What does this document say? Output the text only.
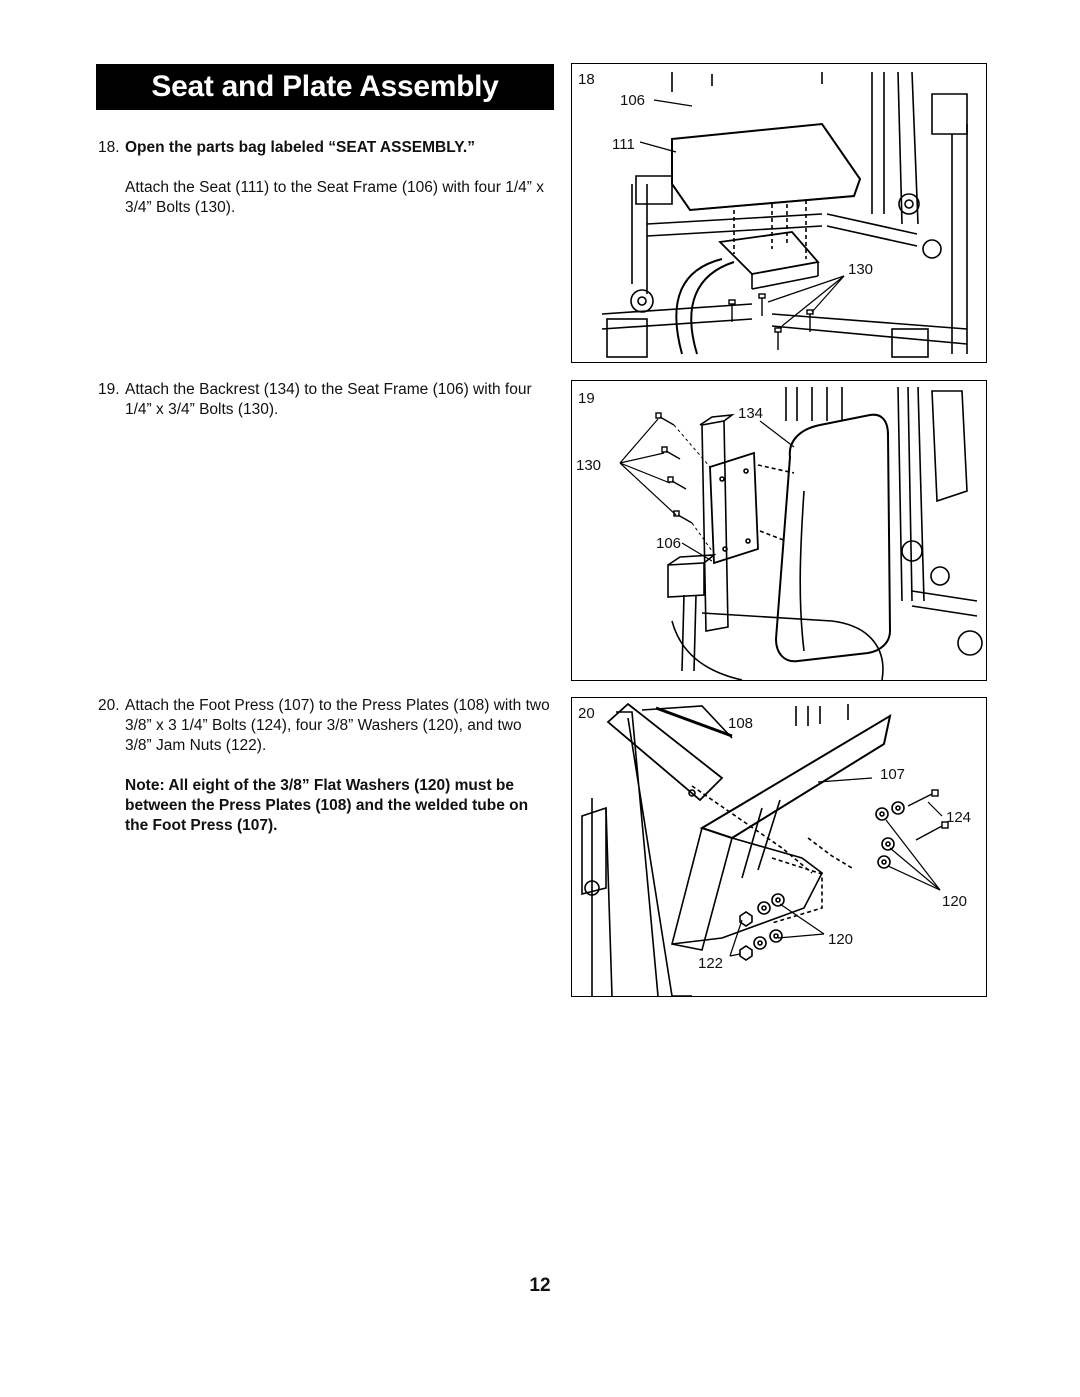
Seat and Plate Assembly
18. Open the parts bag labeled “SEAT ASSEMBLY.”

Attach the Seat (111) to the Seat Frame (106) with four 1/4” x 3/4” Bolts (130).

19. Attach the Backrest (134) to the Seat Frame (106) with four 1/4” x 3/4” Bolts (130).

20. Attach the Foot Press (107) to the Press Plates (108) with two 3/8” x 3 1/4” Bolts (124), four 3/8” Washers (120), and two 3/8” Jam Nuts (122).

Note: All eight of the 3/8” Flat Washers (120) must be between the Press Plates (108) and the welded tube on the Foot Press (107).

18
106
111
130
19
134
130
106
20
108
107
124
120
120
122
12
